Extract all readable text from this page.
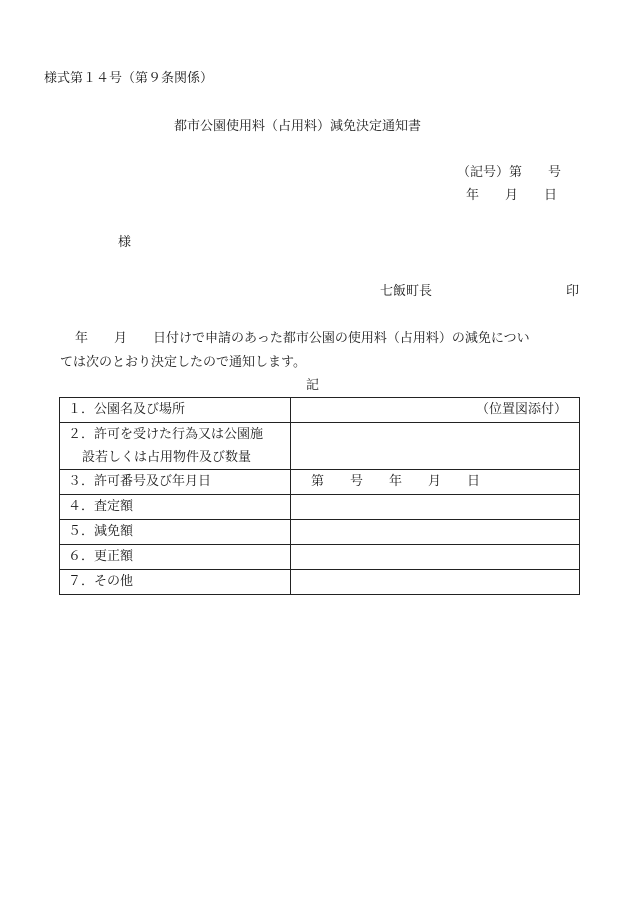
様式第１４号（第９条関係）
都市公園使用料（占用料）減免決定通知書
（記号）第　　号
年　　月　　日
様
七飯町長	印
年　　月　　日付けで申請のあった都市公園の使用料（占用料）の減免につい
ては次のとおり決定したので通知します。
記
１．公園名及び場所	（位置図添付）

２．許可を受けた行為又は公園施
設若しくは占用物件及び数量	

３．許可番号及び年月日	第　　号　　年　　月　　日

４．査定額	
５．減免額	
６．更正額	
７．その他	
